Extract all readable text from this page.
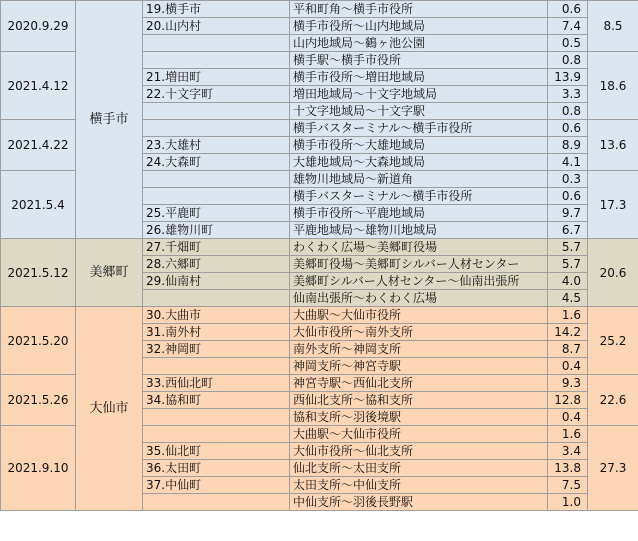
2020.9.29	横手市	19.横手市	平和町角～横手市役所	0.6	8.5
		20.山内村	横手市役所～山内地域局	7.4	
			山内地域局～鶴ヶ池公園	0.5	
2021.4.12			横手駅～横手市役所	0.8	18.6
		21.増田町	横手市役所～増田地域局	13.9	
		22.十文字町	増田地域局～十文字地域局	3.3	
			十文字地域局～十文字駅	0.8	
2021.4.22			横手バスターミナル～横手市役所	0.6	13.6
		23.大雄村	横手市役所～大雄地域局	8.9	
		24.大森町	大雄地域局～大森地域局	4.1	
2021.5.4			雄物川地域局～新道角	0.3	17.3
			横手バスターミナル～横手市役所	0.6	
		25.平鹿町	横手市役所～平鹿地域局	9.7	
		26.雄物川町	平鹿地域局～雄物川地域局	6.7	
2021.5.12	美郷町	27.千畑町	わくわく広場～美郷町役場	5.7	20.6
		28.六郷町	美郷町役場～美郷町シルバー人材センター	5.7	
		29.仙南村	美郷町シルバー人材センター～仙南出張所	4.0	
			仙南出張所～わくわく広場	4.5	
2021.5.20	大仙市	30.大曲市	大曲駅～大仙市役所	1.6	25.2
		31.南外村	大仙市役所～南外支所	14.2	
		32.神岡町	南外支所～神岡支所	8.7	
			神岡支所～神宮寺駅	0.4	
2021.5.26		33.西仙北町	神宮寺駅～西仙北支所	9.3	22.6
		34.協和町	西仙北支所～協和支所	12.8	
			協和支所～羽後境駅	0.4	
2021.9.10			大曲駅～大仙市役所	1.6	27.3
		35.仙北町	大仙市役所～仙北支所	3.4	
		36.太田町	仙北支所～太田支所	13.8	
		37.中仙町	太田支所～中仙支所	7.5	
			中仙支所～羽後長野駅	1.0	
